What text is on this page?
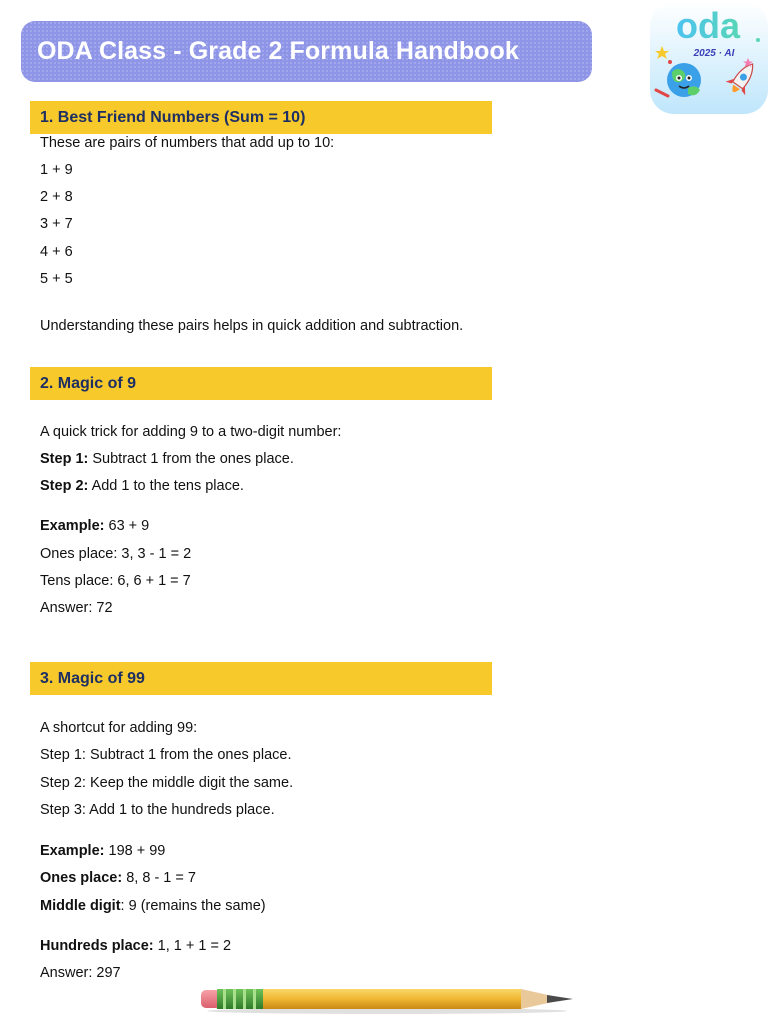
ODA Class - Grade 2 Formula Handbook
oda
2025 · AI
1. Best Friend Numbers (Sum = 10)
These are pairs of numbers that add up to 10:
1 + 9
2 + 8
3 + 7
4 + 6
5 + 5
Understanding these pairs helps in quick addition and subtraction.
2. Magic of 9
A quick trick for adding 9 to a two-digit number:
Step 1: Subtract 1 from the ones place.
Step 2: Add 1 to the tens place.
Example: 63 + 9
Ones place: 3, 3 - 1 = 2
Tens place: 6, 6 + 1 = 7
Answer: 72
3. Magic of 99
A shortcut for adding 99:
Step 1: Subtract 1 from the ones place.
Step 2: Keep the middle digit the same.
Step 3: Add 1 to the hundreds place.
Example: 198 + 99
Ones place: 8, 8 - 1 = 7
Middle digit: 9 (remains the same)
Hundreds place: 1, 1 + 1 = 2
Answer: 297
